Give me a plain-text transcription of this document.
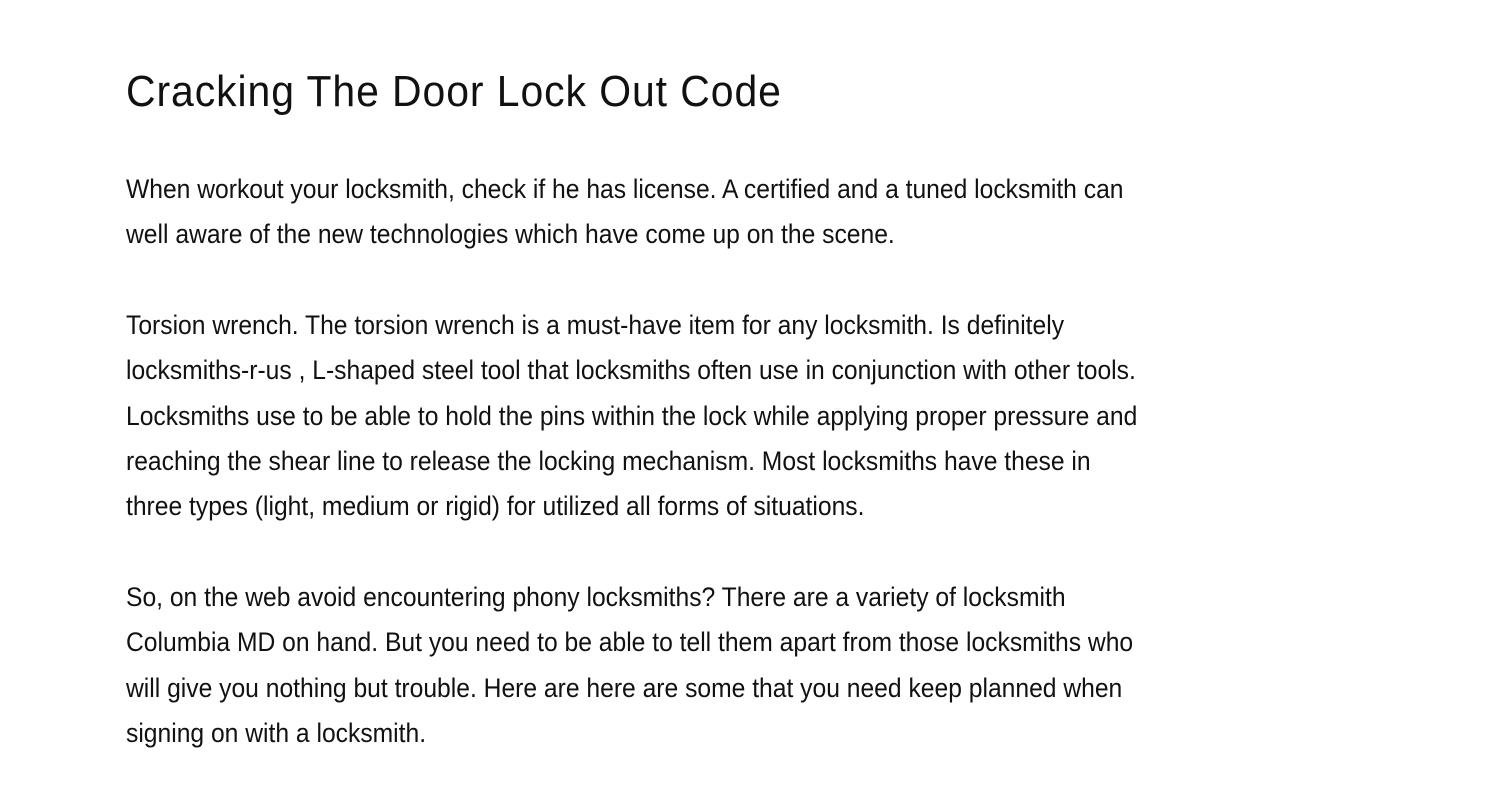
Cracking The Door Lock Out Code

When workout your locksmith, check if he has license. A certified and a tuned locksmith can
well aware of the new technologies which have come up on the scene.

Torsion wrench. The torsion wrench is a must-have item for any locksmith. Is definitely
locksmiths-r-us , L-shaped steel tool that locksmiths often use in conjunction with other tools.
Locksmiths use to be able to hold the pins within the lock while applying proper pressure and
reaching the shear line to release the locking mechanism. Most locksmiths have these in
three types (light, medium or rigid) for utilized all forms of situations.

So, on the web avoid encountering phony locksmiths? There are a variety of locksmith
Columbia MD on hand. But you need to be able to tell them apart from those locksmiths who
will give you nothing but trouble. Here are here are some that you need keep planned when
signing on with a locksmith.
